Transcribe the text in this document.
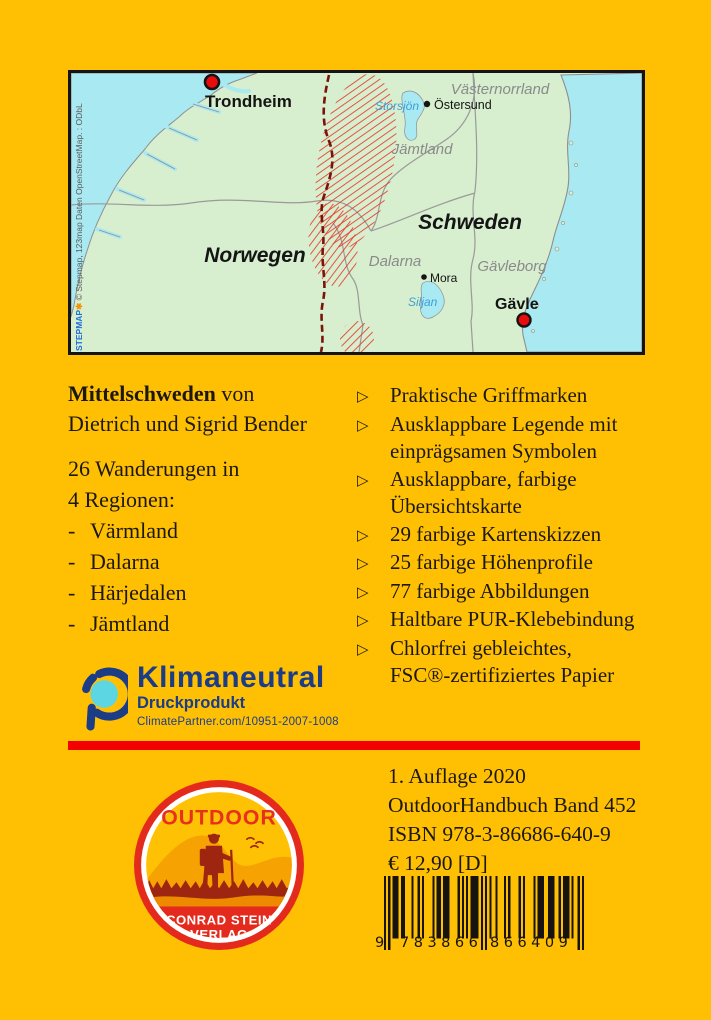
Norwegen
Schweden
Västernorrland
Jämtland
Dalarna	Gävleborg
Storsjön
Siljan
Trondheim	Östersund
Mora
Gävle
STEPMAP✱ © Stepmap, 123map Daten OpenStreetMap. : ODbL
Mittelschweden von
Dietrich und Sigrid Bender
26 Wanderungen in
4 Regionen:
- Värmland
- Dalarna
- Härjedalen
- Jämtland
▷	Praktische Griffmarken
▷	Ausklappbare Legende mit
einprägsamen Symbolen
▷	Ausklappbare, farbige
Übersichtskarte
▷	29 farbige Kartenskizzen
▷	25 farbige Höhenprofile
▷	77 farbige Abbildungen
▷	Haltbare PUR-Klebebindung
▷	Chlorfrei gebleichtes,
FSC®-zertifiziertes Papier
Klimaneutral
Druckprodukt
ClimatePartner.com/10951-2007-1008
OUTDOOR
CONRAD STEIN
VERLAG
1. Auflage 2020
OutdoorHandbuch Band 452
ISBN 978-3-86686-640-9
€ 12,90 [D]
9 783866 866409
